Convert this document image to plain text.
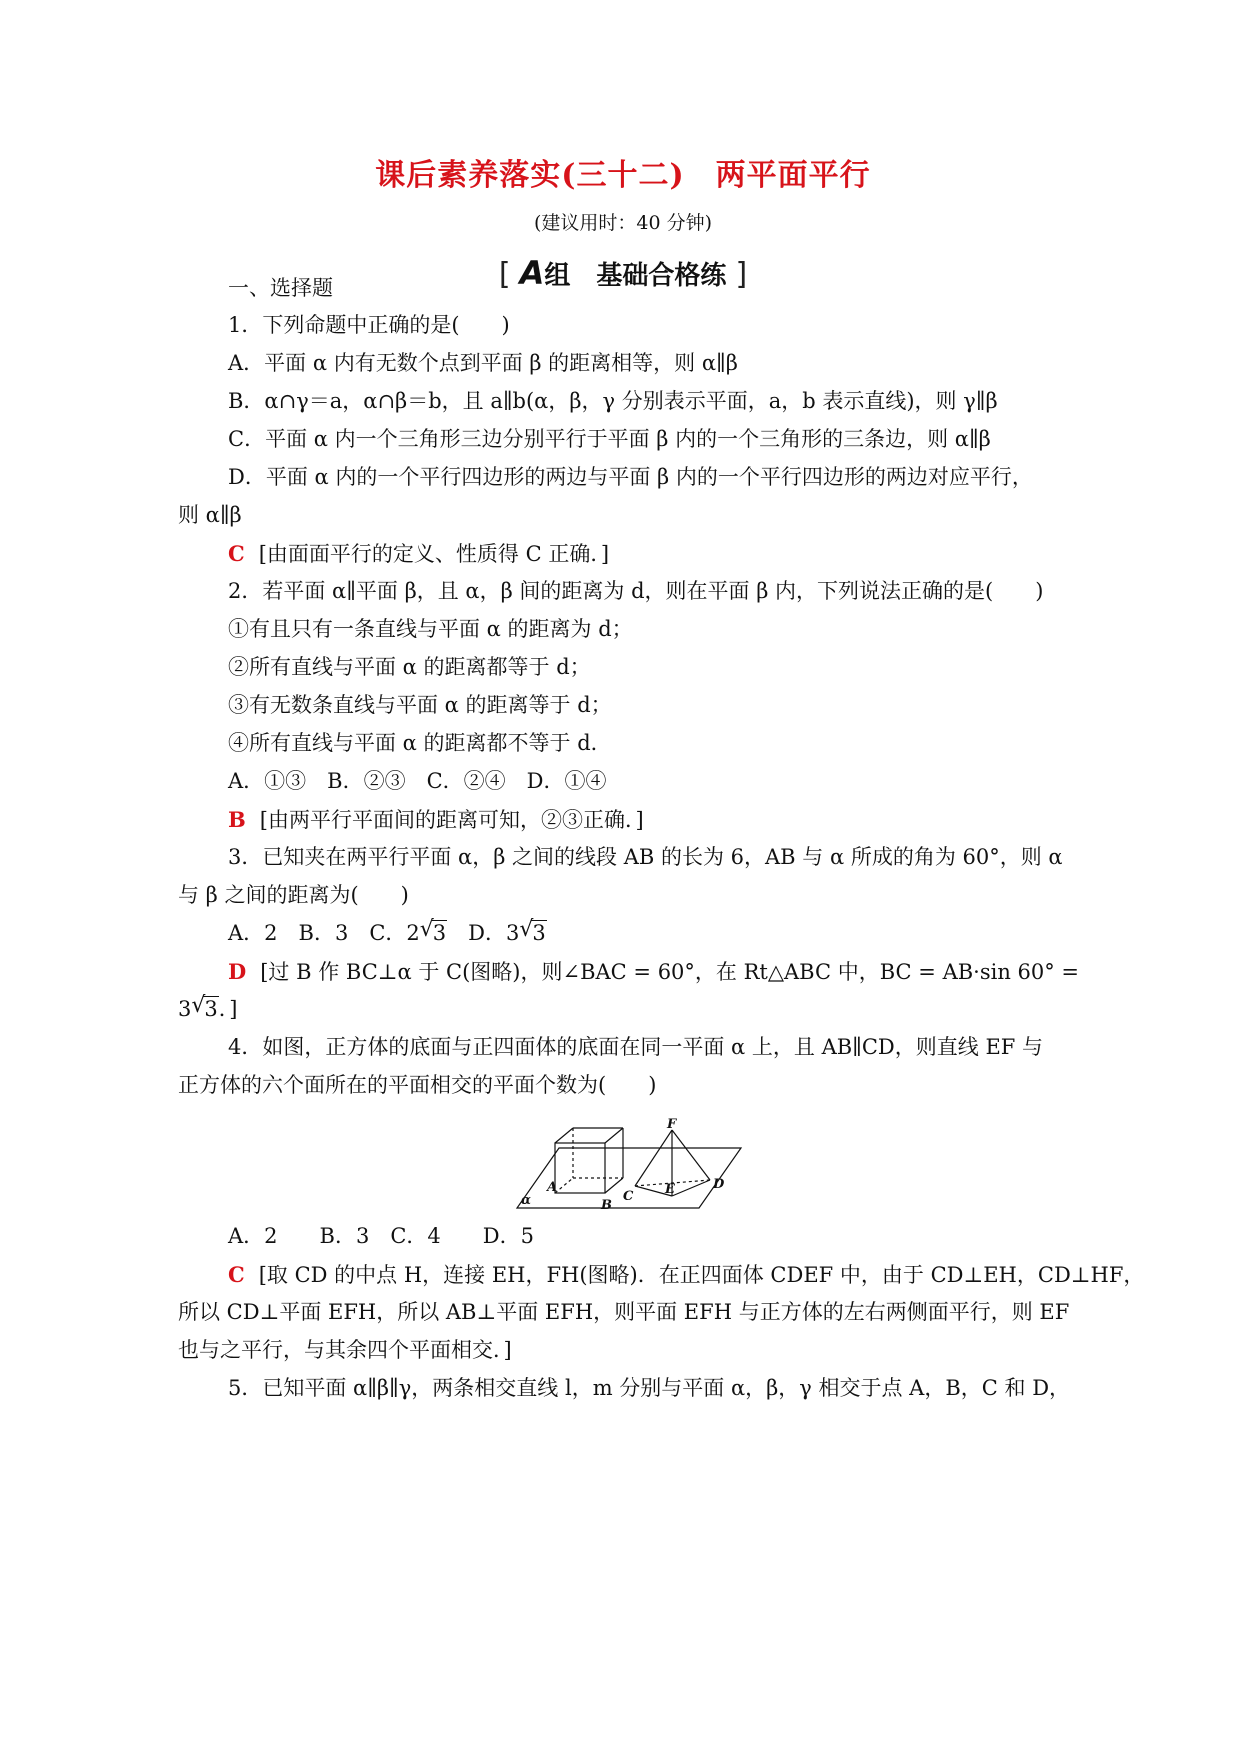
课后素养落实(三十二)　两平面平行
(建议用时：40 分钟)
[ A组　基础合格练 ]
一、选择题
1．下列命题中正确的是(　　)
A．平面 α 内有无数个点到平面 β 的距离相等，则 α∥β
B．α∩γ＝a，α∩β＝b，且 a∥b(α，β，γ 分别表示平面，a，b 表示直线)，则 γ∥β
C．平面 α 内一个三角形三边分别平行于平面 β 内的一个三角形的三条边，则 α∥β
D．平面 α 内的一个平行四边形的两边与平面 β 内的一个平行四边形的两边对应平行，
则 α∥β
C [由面面平行的定义、性质得 C 正确．]
2．若平面 α∥平面 β，且 α，β 间的距离为 d，则在平面 β 内，下列说法正确的是(　　)
①有且只有一条直线与平面 α 的距离为 d；
②所有直线与平面 α 的距离都等于 d；
③有无数条直线与平面 α 的距离等于 d；
④所有直线与平面 α 的距离都不等于 d．
A．①③　B．②③　C．②④　D．①④
B [由两平行平面间的距离可知，②③正确．]
3．已知夹在两平行平面 α，β 之间的线段 AB 的长为 6，AB 与 α 所成的角为 60°，则 α
与 β 之间的距离为(　　)
A．2　B．3　C．2 √
3　D．3 √
3
D [过 B 作 BC⊥α 于 C(图略)，则∠BAC = 60°，在 Rt△ABC 中，BC = AB·sin 60° =
3 √
3．]
4．如图，正方体的底面与正四面体的底面在同一平面 α 上，且 AB∥CD，则直线 EF 与
正方体的六个面所在的平面相交的平面个数为(　　)
α
A
B
C
D
E
F
A．2　　B．3　C．4　　D．5
C [取 CD 的中点 H，连接 EH，FH(图略)．在正四面体 CDEF 中，由于 CD⊥EH，CD⊥HF，
所以 CD⊥平面 EFH，所以 AB⊥平面 EFH，则平面 EFH 与正方体的左右两侧面平行，则 EF
也与之平行，与其余四个平面相交．]
5．已知平面 α∥β∥γ，两条相交直线 l，m 分别与平面 α，β，γ 相交于点 A，B，C 和 D，
